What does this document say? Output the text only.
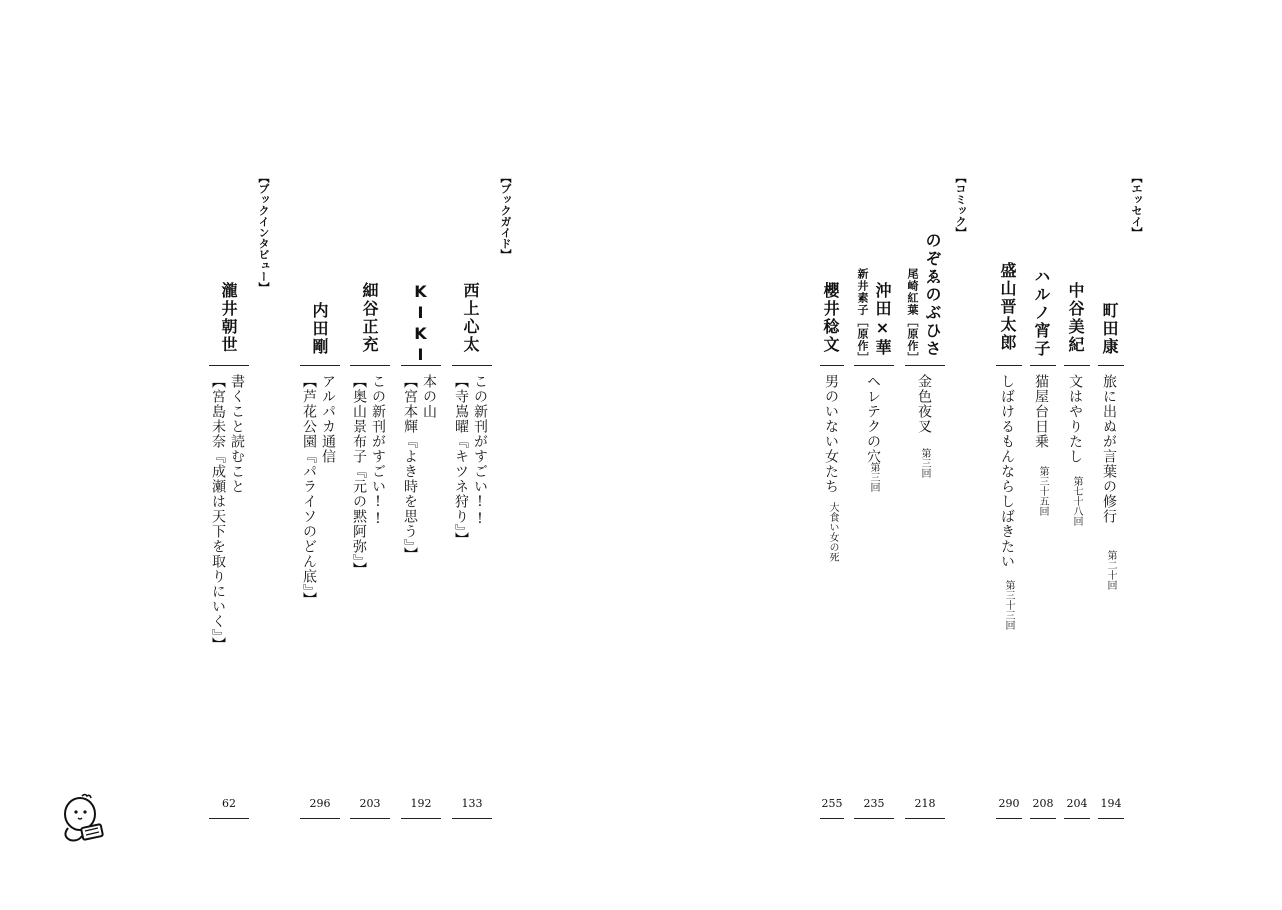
【エッセイ】
【コミック】
【ブックガイド】
【ブックインタビュー】
町田康
旅に出ぬが言葉の修行
第二十回
194
中谷美紀
文はやりたし
第七十八回
204
ハルノ宵子
猫屋台日乗
第三十五回
208
盛山晋太郎
しばけるもんならしばきたい
第三十三回
290
のぞゑのぶひさ
尾崎紅葉［原作］
金色夜叉
第三回
218
沖田×華
新井素子［原作］
ヘレテクの穴
第三回
235
櫻井稔文
男のいない女たち
大食い女の死
255
西上心太
この新刊がすごい!!
【寺嶌曜『キツネ狩り』】
133
KIKI
本の山
【宮本輝『よき時を思う』】
192
細谷正充
この新刊がすごい!!
【奥山景布子『元の黙阿弥』】
203
内田剛
アルパカ通信
【芦花公園『パライソのどん底』】
296
瀧井朝世
書くこと読むこと
【宮島未奈『成瀬は天下を取りにいく』】
62
